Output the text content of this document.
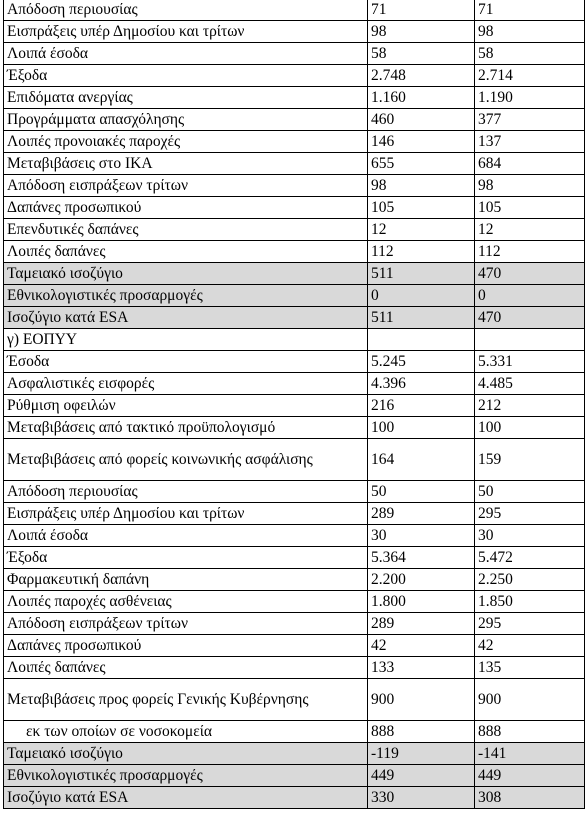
Απόδοση περιουσίας	71	71
Εισπράξεις υπέρ Δημοσίου και τρίτων	98	98
Λοιπά έσοδα	58	58
Έξοδα	2.748	2.714
Επιδόματα ανεργίας	1.160	1.190
Προγράμματα απασχόλησης	460	377
Λοιπές προνοιακές παροχές	146	137
Μεταβιβάσεις στο ΙΚΑ	655	684
Απόδοση εισπράξεων τρίτων	98	98
Δαπάνες προσωπικού	105	105
Επενδυτικές δαπάνες	12	12
Λοιπές δαπάνες	112	112
Ταμειακό ισοζύγιο	511	470
Εθνικολογιστικές προσαρμογές	0	0
Ισοζύγιο κατά ESA	511	470
γ) ΕΟΠΥΥ		
Έσοδα	5.245	5.331
Ασφαλιστικές εισφορές	4.396	4.485
Ρύθμιση οφειλών	216	212
Μεταβιβάσεις από τακτικό προϋπολογισμό	100	100
Μεταβιβάσεις από φορείς κοινωνικής ασφάλισης	164	159
Απόδοση περιουσίας	50	50
Εισπράξεις υπέρ Δημοσίου και τρίτων	289	295
Λοιπά έσοδα	30	30
Έξοδα	5.364	5.472
Φαρμακευτική δαπάνη	2.200	2.250
Λοιπές παροχές ασθένειας	1.800	1.850
Απόδοση εισπράξεων τρίτων	289	295
Δαπάνες προσωπικού	42	42
Λοιπές δαπάνες	133	135
Μεταβιβάσεις προς φορείς Γενικής Κυβέρνησης	900	900
εκ των οποίων σε νοσοκομεία	888	888
Ταμειακό ισοζύγιο	-119	-141
Εθνικολογιστικές προσαρμογές	449	449
Ισοζύγιο κατά ESA	330	308
